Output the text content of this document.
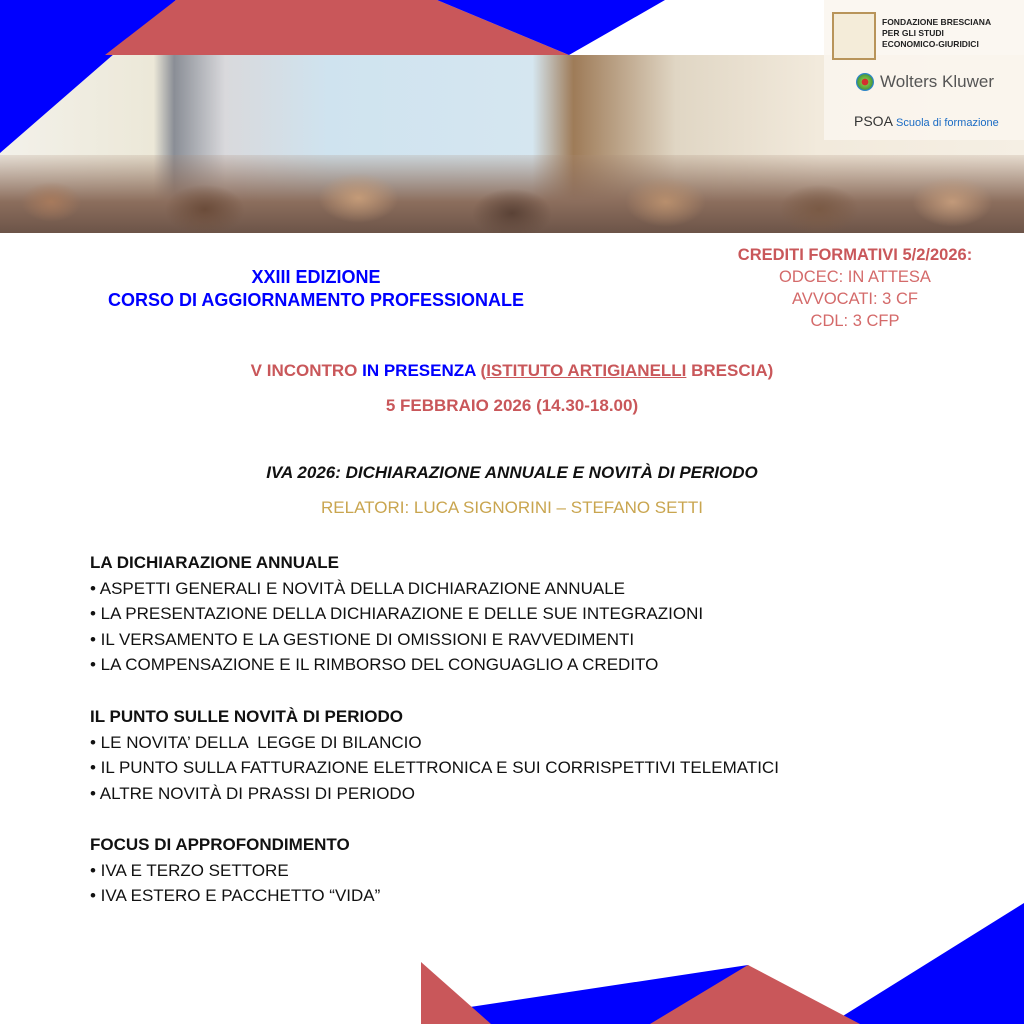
FONDAZIONE BRESCIANA
PER GLI STUDI
ECONOMICO-GIURIDICI
Wolters Kluwer
PSOA Scuola di formazione
XXIII EDIZIONE
CORSO DI AGGIORNAMENTO PROFESSIONALE
CREDITI FORMATIVI 5/2/2026:
ODCEC: IN ATTESA
AVVOCATI: 3 CF
CDL: 3 CFP
V INCONTRO IN PRESENZA (ISTITUTO ARTIGIANELLI BRESCIA)
5 FEBBRAIO 2026 (14.30-18.00)
IVA 2026: DICHIARAZIONE ANNUALE E NOVITÀ DI PERIODO
RELATORI: LUCA SIGNORINI – STEFANO SETTI
LA DICHIARAZIONE ANNUALE
• ASPETTI GENERALI E NOVITÀ DELLA DICHIARAZIONE ANNUALE
• LA PRESENTAZIONE DELLA DICHIARAZIONE E DELLE SUE INTEGRAZIONI
• IL VERSAMENTO E LA GESTIONE DI OMISSIONI E RAVVEDIMENTI
• LA COMPENSAZIONE E IL RIMBORSO DEL CONGUAGLIO A CREDITO
IL PUNTO SULLE NOVITÀ DI PERIODO
• LE NOVITA’ DELLA  LEGGE DI BILANCIO
• IL PUNTO SULLA FATTURAZIONE ELETTRONICA E SUI CORRISPETTIVI TELEMATICI
• ALTRE NOVITÀ DI PRASSI DI PERIODO
FOCUS DI APPROFONDIMENTO
• IVA E TERZO SETTORE
• IVA ESTERO E PACCHETTO “VIDA”
